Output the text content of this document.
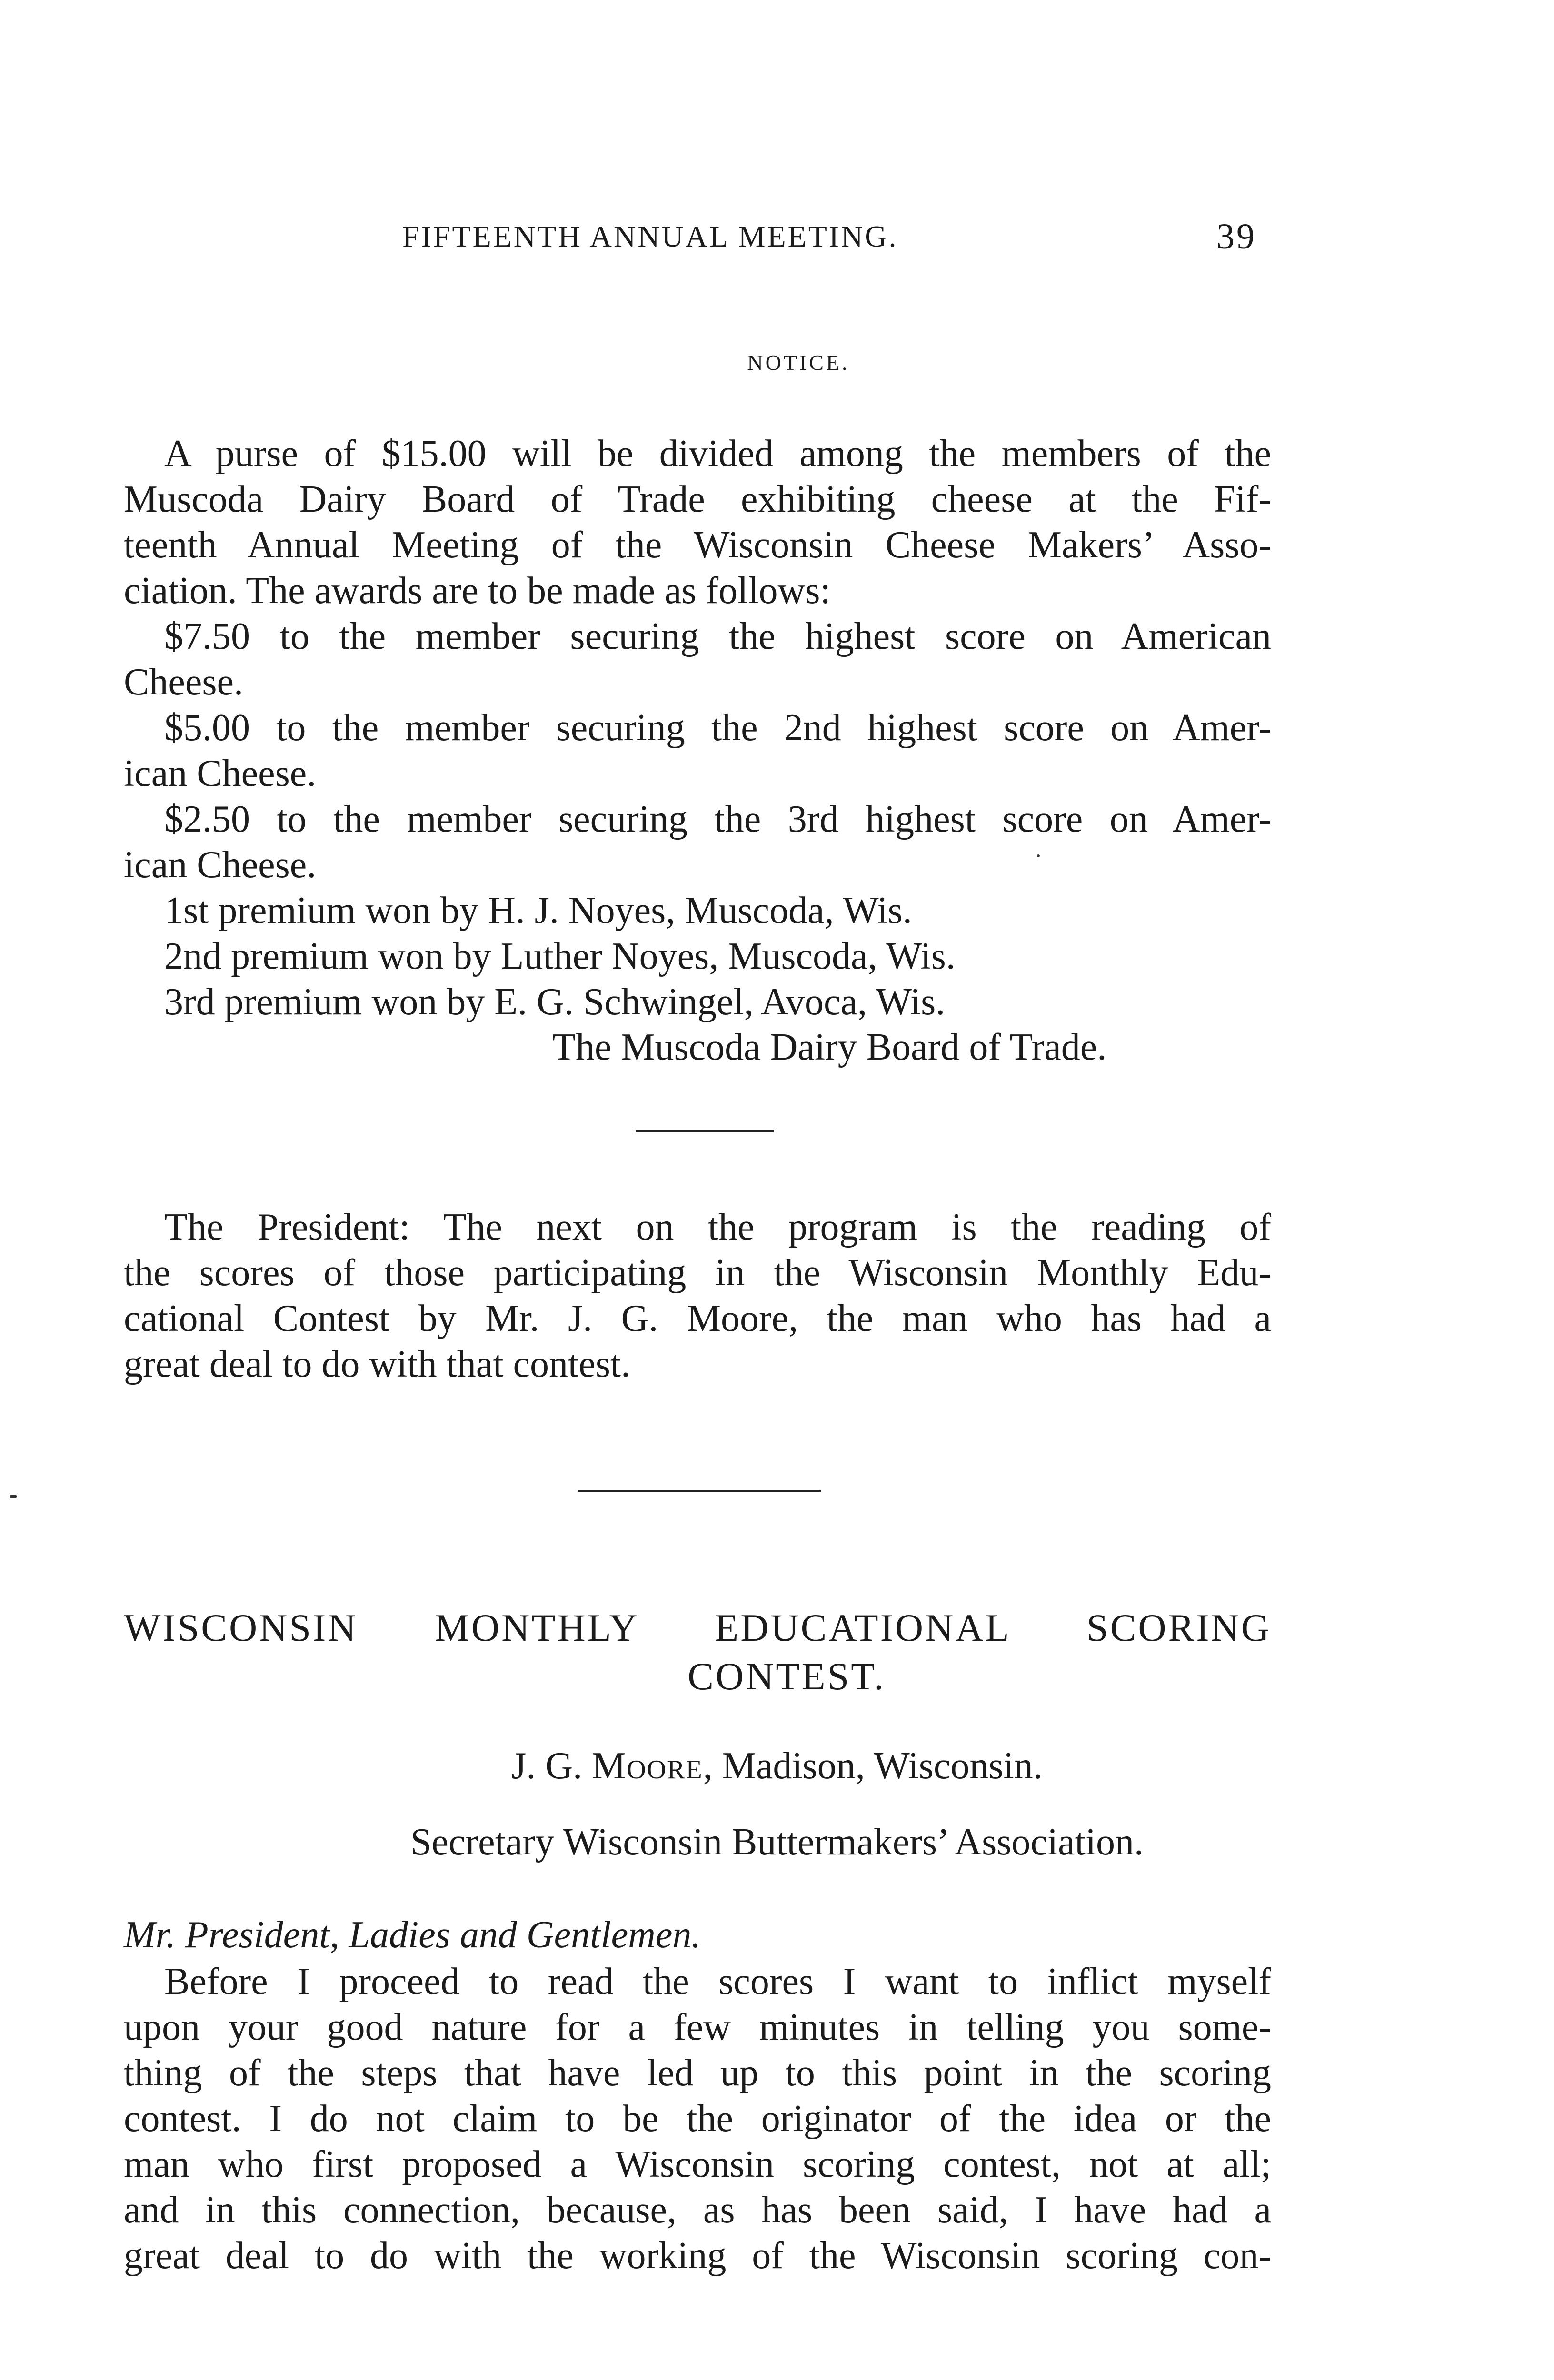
FIFTEENTH ANNUAL MEETING.	39
NOTICE.
A purse of $15.00 will be divided among the members of the
Muscoda Dairy Board of Trade exhibiting cheese at the Fif-
teenth Annual Meeting of the Wisconsin Cheese Makers’ Asso-
ciation. The awards are to be made as follows:
$7.50 to the member securing the highest score on American
Cheese.
$5.00 to the member securing the 2nd highest score on Amer-
ican Cheese.
$2.50 to the member securing the 3rd highest score on Amer-
ican Cheese.
1st premium won by H. J. Noyes, Muscoda, Wis.
2nd premium won by Luther Noyes, Muscoda, Wis.
3rd premium won by E. G. Schwingel, Avoca, Wis.
The Muscoda Dairy Board of Trade.
The President: The next on the program is the reading of
the scores of those participating in the Wisconsin Monthly Edu-
cational Contest by Mr. J. G. Moore, the man who has had a
great deal to do with that contest.
WISCONSIN MONTHLY EDUCATIONAL SCORING
CONTEST.
J. G. Moore, Madison, Wisconsin.
Secretary Wisconsin Buttermakers’ Association.
Mr. President, Ladies and Gentlemen.
Before I proceed to read the scores I want to inflict myself
upon your good nature for a few minutes in telling you some-
thing of the steps that have led up to this point in the scoring
contest. I do not claim to be the originator of the idea or the
man who first proposed a Wisconsin scoring contest, not at all;
and in this connection, because, as has been said, I have had a
great deal to do with the working of the Wisconsin scoring con-
